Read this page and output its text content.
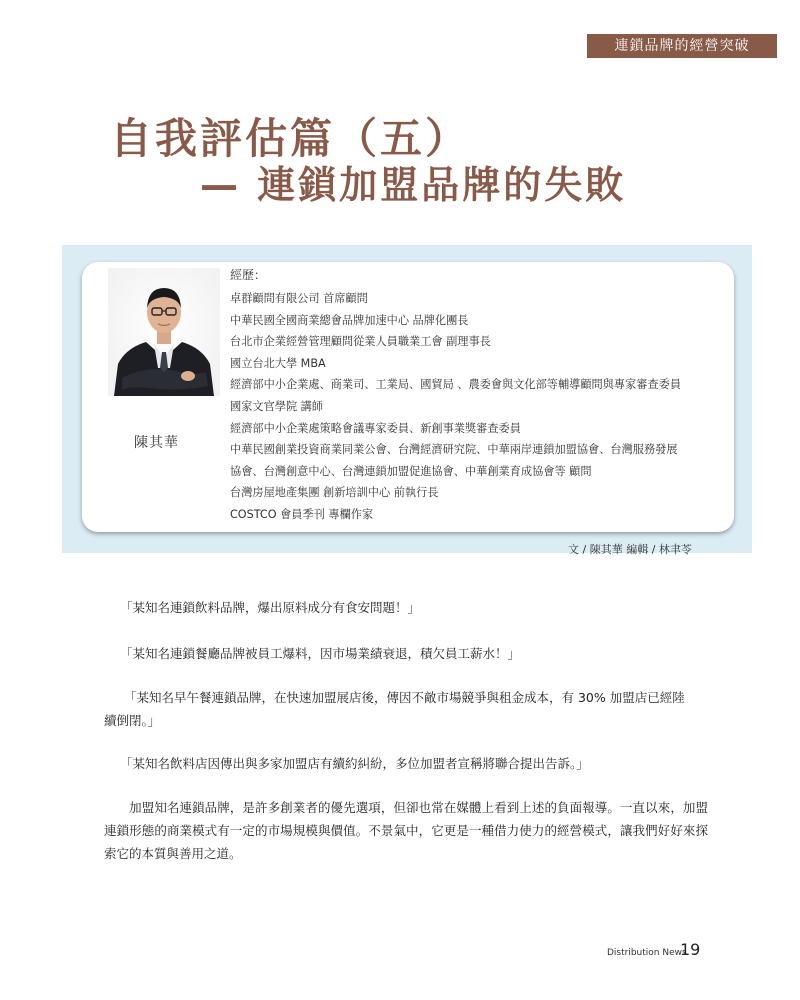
連鎖品牌的經營突破
自我評估篇（五）
— 連鎖加盟品牌的失敗
陳其華
經歷：
卓群顧問有限公司 首席顧問
中華民國全國商業總會品牌加速中心 品牌化團長
台北市企業經營管理顧問從業人員職業工會 副理事長
國立台北大學 MBA
經濟部中小企業處、商業司、工業局、國貿局 、農委會與文化部等輔導顧問與專家審查委員
國家文官學院 講師
經濟部中小企業處策略會議專家委員、新創事業獎審查委員
中華民國創業投資商業同業公會、台灣經濟研究院、中華兩岸連鎖加盟協會、台灣服務發展
協會、台灣創意中心、台灣連鎖加盟促進協會、中華創業育成協會等 顧問
台灣房屋地產集團 創新培訓中心 前執行長
COSTCO 會員季刊 專欄作家
文 / 陳其華 編輯 / 林聿苓
「某知名連鎖飲料品牌，爆出原料成分有食安問題！」
「某知名連鎖餐廳品牌被員工爆料，因市場業績衰退，積欠員工薪水！」
「某知名早午餐連鎖品牌，在快速加盟展店後，傳因不敵市場競爭與租金成本，有 30% 加盟店已經陸
續倒閉。」
「某知名飲料店因傳出與多家加盟店有續約糾紛，多位加盟者宣稱將聯合提出告訴。」
　　加盟知名連鎖品牌，是許多創業者的優先選項，但卻也常在媒體上看到上述的負面報導。一直以來，加盟連鎖形態的商業模式有一定的市場規模與價值。不景氣中，它更是一種借力使力的經營模式，讓我們好好來探索它的本質與善用之道。
Distribution News
19
